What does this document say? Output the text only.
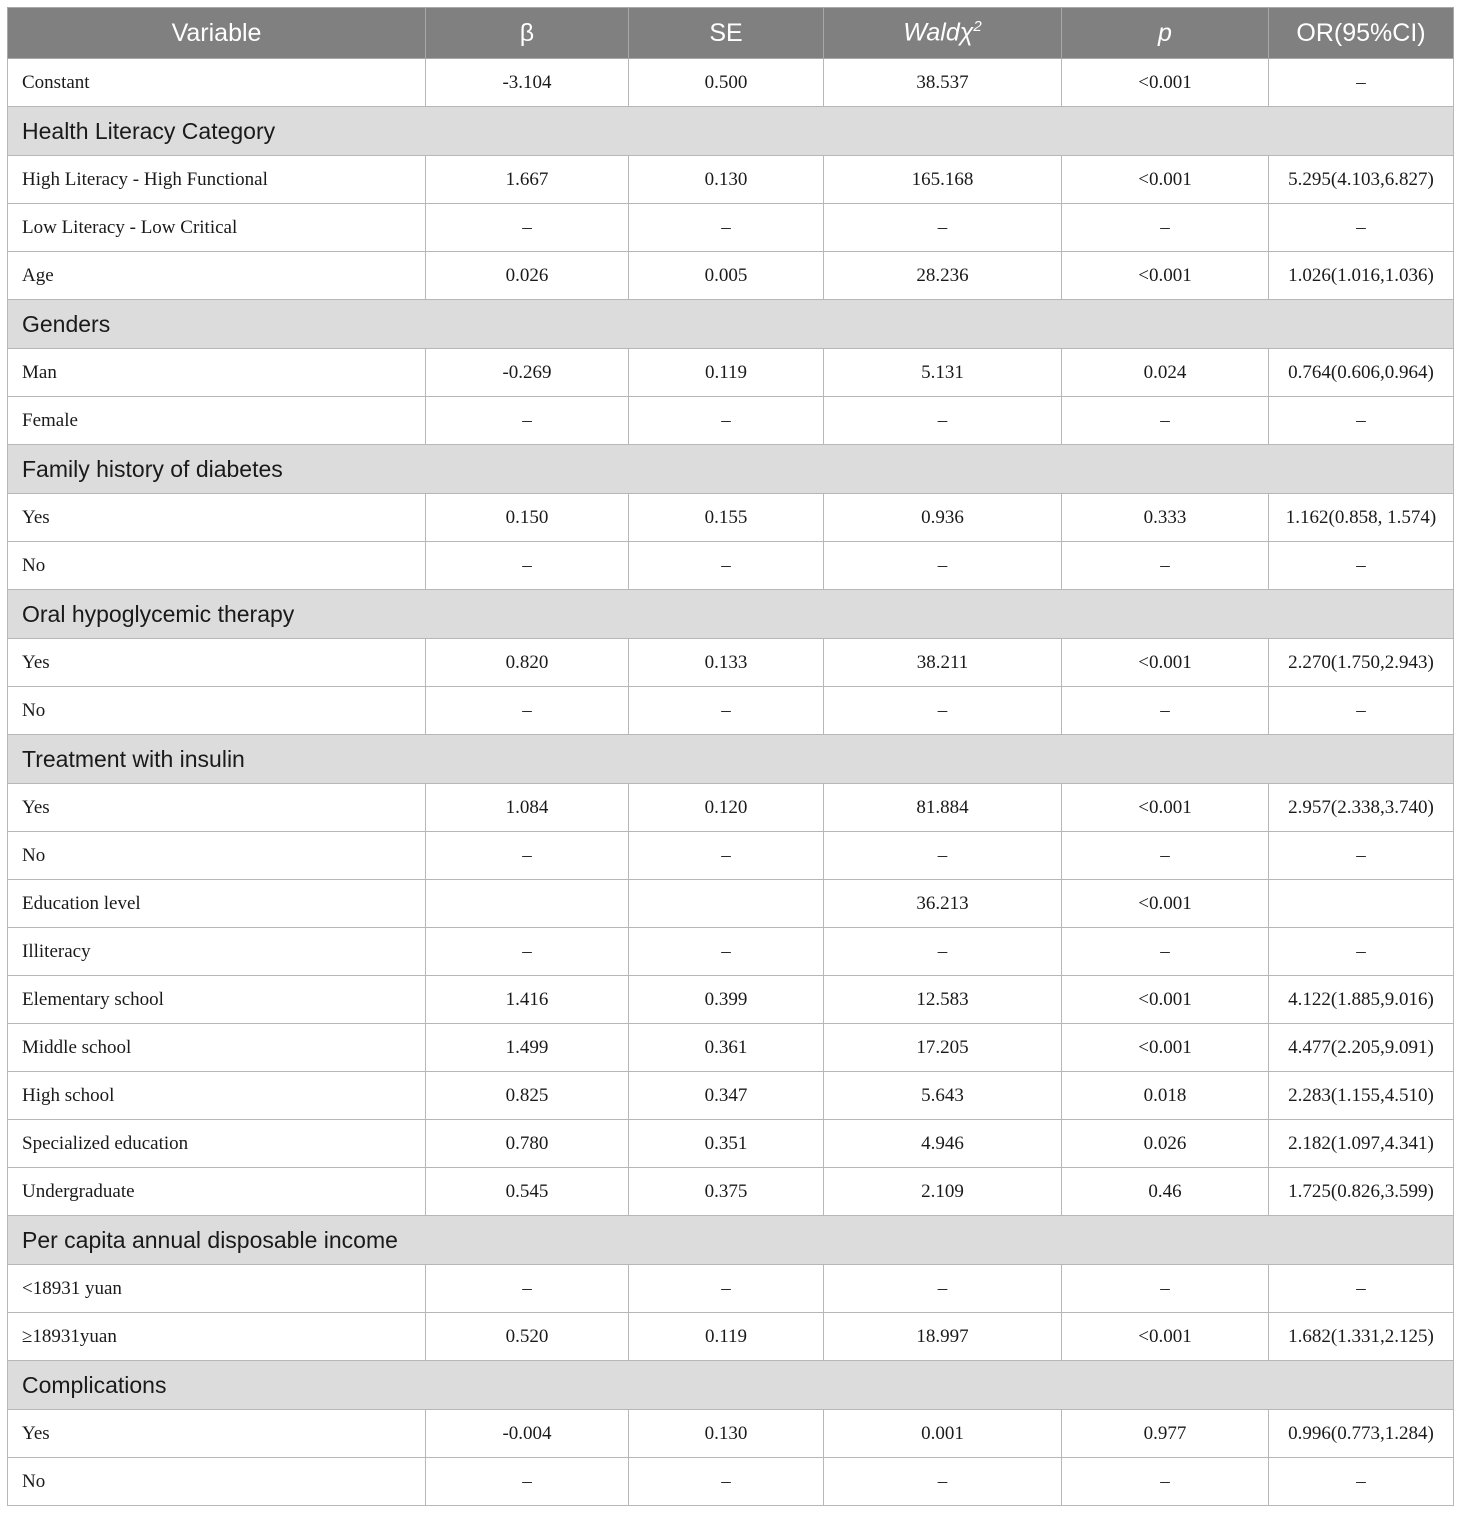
Variable	β	SE	Waldχ$^2$	p	OR(95%CI)
Constant	-3.104	0.500	38.537	<0.001	–
Health Literacy Category					
High Literacy - High Functional	1.667	0.130	165.168	<0.001	5.295(4.103,6.827)
Low Literacy - Low Critical	–	–	–	–	–
Age	0.026	0.005	28.236	<0.001	1.026(1.016,1.036)
Genders					
Man	-0.269	0.119	5.131	0.024	0.764(0.606,0.964)
Female	–	–	–	–	–
Family history of diabetes					
Yes	0.150	0.155	0.936	0.333	1.162(0.858, 1.574)
No	–	–	–	–	–
Oral hypoglycemic therapy					
Yes	0.820	0.133	38.211	<0.001	2.270(1.750,2.943)
No	–	–	–	–	–
Treatment with insulin					
Yes	1.084	0.120	81.884	<0.001	2.957(2.338,3.740)
No	–	–	–	–	–
Education level			36.213	<0.001	
Illiteracy	–	–	–	–	–
Elementary school	1.416	0.399	12.583	<0.001	4.122(1.885,9.016)
Middle school	1.499	0.361	17.205	<0.001	4.477(2.205,9.091)
High school	0.825	0.347	5.643	0.018	2.283(1.155,4.510)
Specialized education	0.780	0.351	4.946	0.026	2.182(1.097,4.341)
Undergraduate	0.545	0.375	2.109	0.46	1.725(0.826,3.599)
Per capita annual disposable income					
<18931 yuan	–	–	–	–	–
≥18931yuan	0.520	0.119	18.997	<0.001	1.682(1.331,2.125)
Complications					
Yes	-0.004	0.130	0.001	0.977	0.996(0.773,1.284)
No	–	–	–	–	–
